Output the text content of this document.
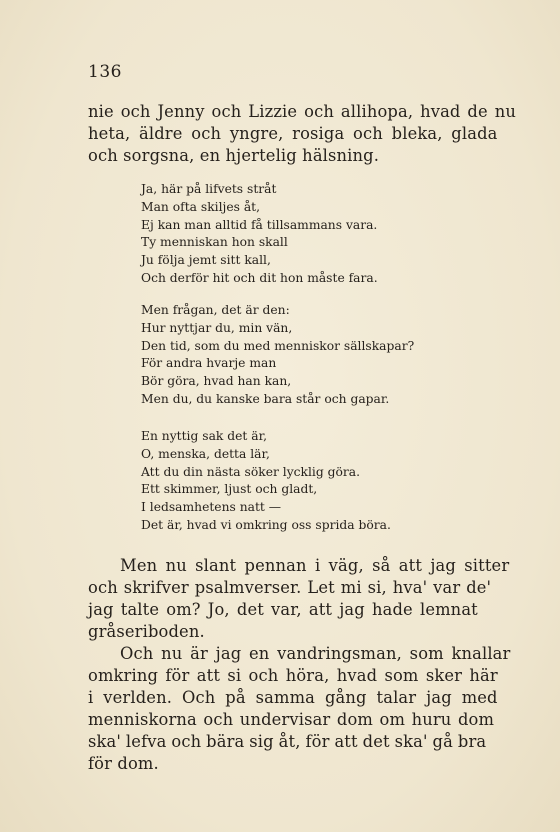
136
nie och Jenny och Lizzie och allihopa, hvad de nu
heta, äldre och yngre, rosiga och bleka, glada
och sorgsna, en hjertelig hälsning.
Ja, här på lifvets stråt
Man ofta skiljes åt,
Ej kan man alltid få tillsammans vara.
Ty menniskan hon skall
Ju följa jemt sitt kall,
Och derför hit och dit hon måste fara.
Men frågan, det är den:
Hur nyttjar du, min vän,
Den tid, som du med menniskor sällskapar?
För andra hvarje man
Bör göra, hvad han kan,
Men du, du kanske bara står och gapar.
En nyttig sak det är,
O, menska, detta lär,
Att du din nästa söker lycklig göra.
Ett skimmer, ljust och gladt,
I ledsamhetens natt —
Det är, hvad vi omkring oss sprida böra.

Men nu slant pennan i väg, så att jag sitter
och skrifver psalmverser. Let mi si, hva' var de'
jag talte om? Jo, det var, att jag hade lemnat
gråseriboden.

Och nu är jag en vandringsman, som knallar
omkring för att si och höra, hvad som sker här
i verlden. Och på samma gång talar jag med
menniskorna och undervisar dom om huru dom
ska' lefva och bära sig åt, för att det ska' gå bra
för dom.
